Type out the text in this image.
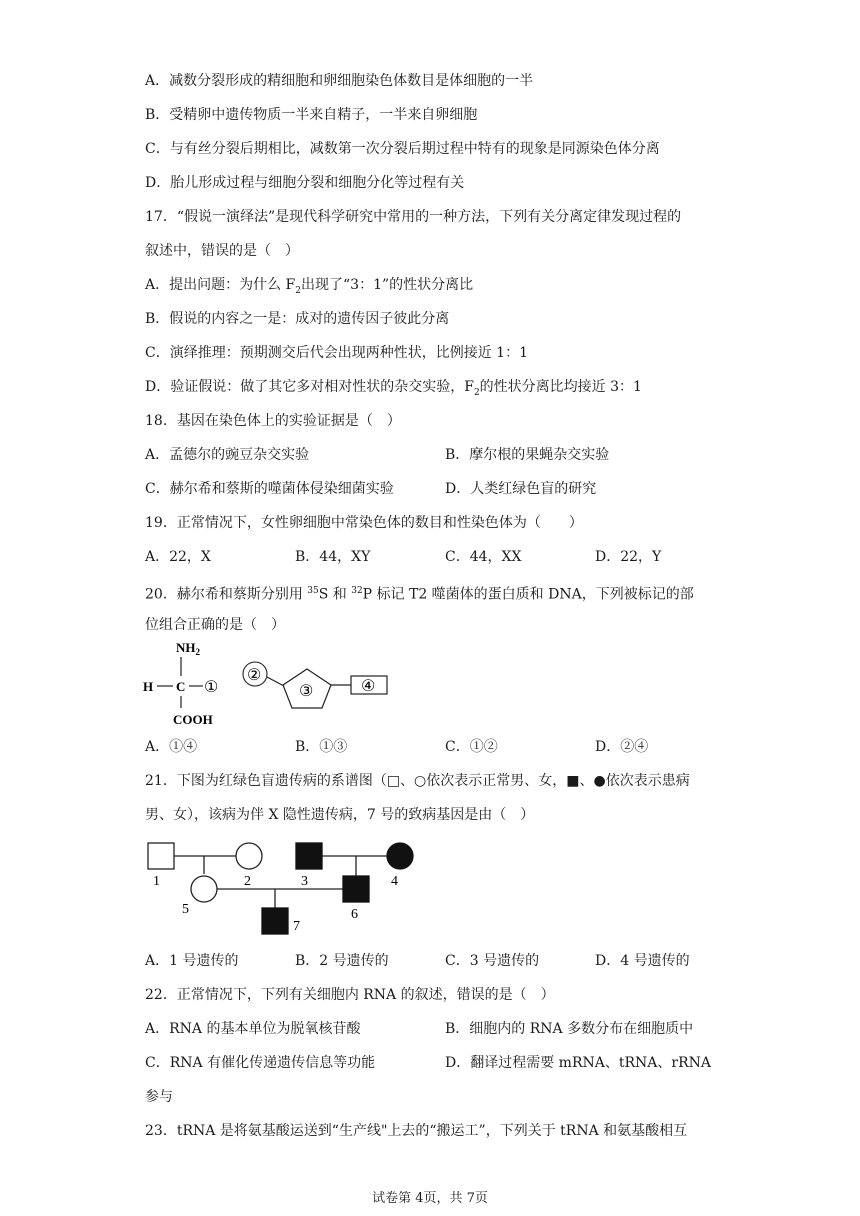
A．减数分裂形成的精细胞和卵细胞染色体数目是体细胞的一半
B．受精卵中遗传物质一半来自精子，一半来自卵细胞
C．与有丝分裂后期相比，减数第一次分裂后期过程中特有的现象是同源染色体分离
D．胎儿形成过程与细胞分裂和细胞分化等过程有关
17．“假说一演绎法”是现代科学研究中常用的一种方法，下列有关分离定律发现过程的
叙述中，错误的是（　）
A．提出问题：为什么 $F_2$出现了“3：1”的性状分离比
B．假说的内容之一是：成对的遗传因子彼此分离
C．演绎推理：预期测交后代会出现两种性状，比例接近 1：1
D．验证假说：做了其它多对相对性状的杂交实验，$F_2$的性状分离比均接近 3：1
18．基因在染色体上的实验证据是（　）
A．孟德尔的豌豆杂交实验	B．摩尔根的果蝇杂交实验
C．赫尔希和蔡斯的噬菌体侵染细菌实验	D．人类红绿色盲的研究
19．正常情况下，女性卵细胞中常染色体的数目和性染色体为（　　）
A．22，X	B．44，XY	C．44，XX	D．22，Y
20．赫尔希和蔡斯分别用 $^{35}$S 和 $^{32}$P 标记 T2 噬菌体的蛋白质和 DNA，下列被标记的部
位组合正确的是（　）
$NH_2$
H C ①
COOH
②
③	④
A．①④	B．①③	C．①②	D．②④
21．下图为红绿色盲遗传病的系谱图（□、○依次表示正常男、女，■、●依次表示患病
男、女），该病为伴 X 隐性遗传病，7 号的致病基因是由（　）
1	2	3	4
5	6
7
A．1 号遗传的	B．2 号遗传的	C．3 号遗传的	D．4 号遗传的
22．正常情况下，下列有关细胞内 RNA 的叙述，错误的是（　）
A．RNA 的基本单位为脱氧核苷酸	B．细胞内的 RNA 多数分布在细胞质中
C．RNA 有催化传递遗传信息等功能	D．翻译过程需要 mRNA、tRNA、rRNA
参与
23．tRNA 是将氨基酸运送到“生产线"上去的“搬运工”，下列关于 tRNA 和氨基酸相互
试卷第 4页，共 7页
